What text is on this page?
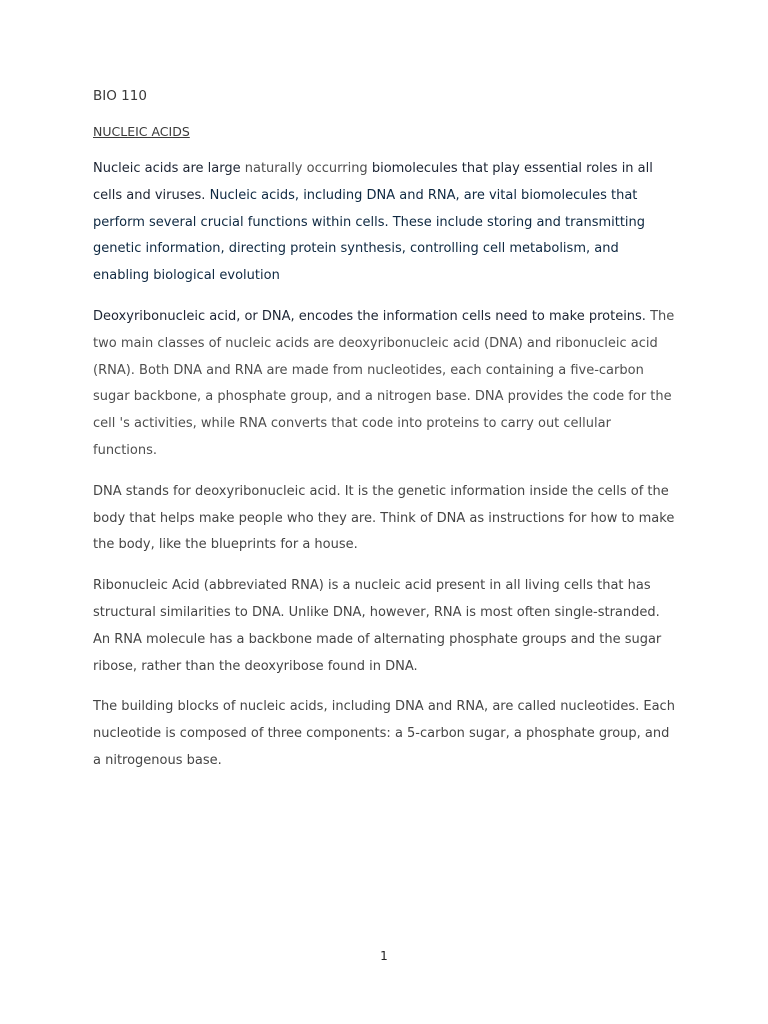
BIO 110
NUCLEIC ACIDS

Nucleic acids are large naturally occurring biomolecules that play essential roles in all cells and viruses. Nucleic acids, including DNA and RNA, are vital biomolecules that perform several crucial functions within cells. These include storing and transmitting genetic information, directing protein synthesis, controlling cell metabolism, and enabling biological evolution

Deoxyribonucleic acid, or DNA, encodes the information cells need to make proteins. The two main classes of nucleic acids are deoxyribonucleic acid (DNA) and ribonucleic acid (RNA). Both DNA and RNA are made from nucleotides, each containing a five-carbon sugar backbone, a phosphate group, and a nitrogen base. DNA provides the code for the cell 's activities, while RNA converts that code into proteins to carry out cellular functions.

DNA stands for deoxyribonucleic acid. It is the genetic information inside the cells of the body that helps make people who they are. Think of DNA as instructions for how to make the body, like the blueprints for a house.

Ribonucleic Acid (abbreviated RNA) is a nucleic acid present in all living cells that has structural similarities to DNA. Unlike DNA, however, RNA is most often single-stranded. An RNA molecule has a backbone made of alternating phosphate groups and the sugar ribose, rather than the deoxyribose found in DNA.

The building blocks of nucleic acids, including DNA and RNA, are called nucleotides. Each nucleotide is composed of three components: a 5-carbon sugar, a phosphate group, and a nitrogenous base.

1
